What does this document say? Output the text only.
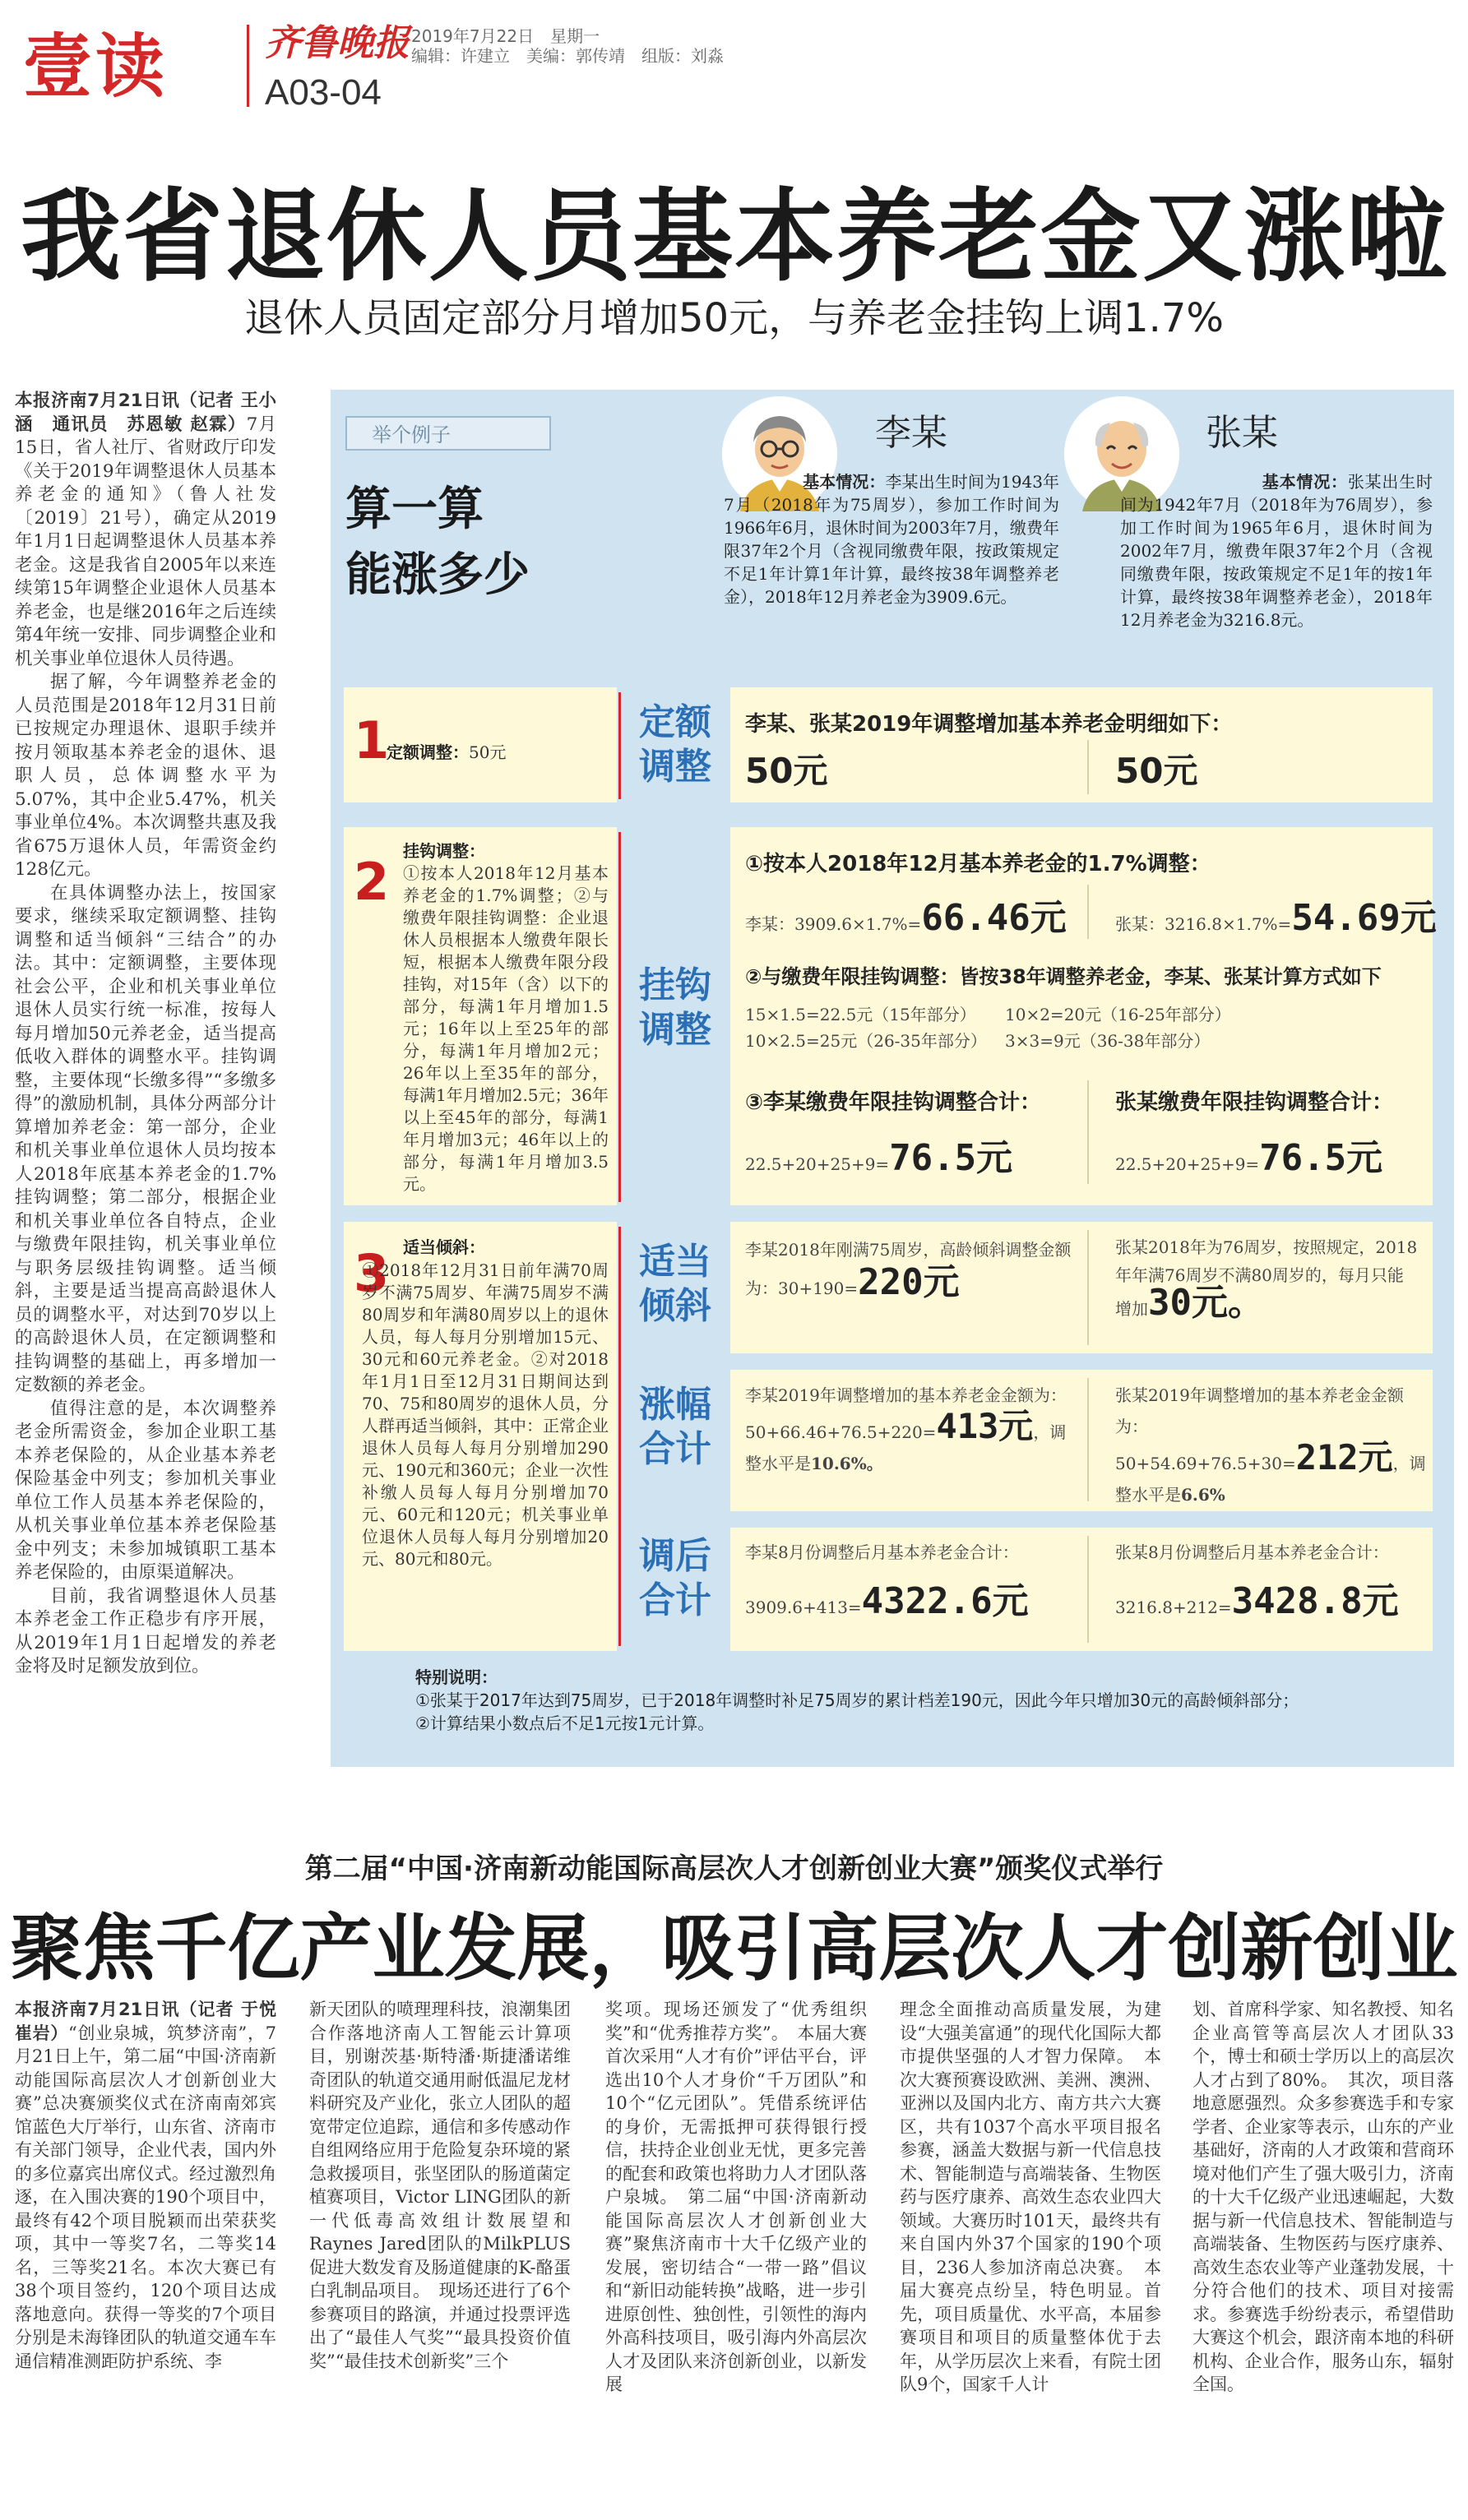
壹读	齐鲁晚报
A03-04
2019年7月22日　星期一
编辑：许建立　美编：郭传靖　组版：刘淼
我省退休人员基本养老金又涨啦
退休人员固定部分月增加50元，与养老金挂钩上调1.7%

本报济南7月21日讯（记者 王小涵　通讯员　苏恩敏 赵霖）7月15日，省人社厅、省财政厅印发《关于2019年调整退休人员基本养老金的通知》（鲁人社发〔2019〕21号），确定从2019年1月1日起调整退休人员基本养老金。这是我省自2005年以来连续第15年调整企业退休人员基本养老金，也是继2016年之后连续第4年统一安排、同步调整企业和机关事业单位退休人员待遇。

据了解，今年调整养老金的人员范围是2018年12月31日前已按规定办理退休、退职手续并按月领取基本养老金的退休、退职人员，总体调整水平为5.07%，其中企业5.47%，机关事业单位4%。本次调整共惠及我省675万退休人员，年需资金约128亿元。

在具体调整办法上，按国家要求，继续采取定额调整、挂钩调整和适当倾斜“三结合”的办法。其中：定额调整，主要体现社会公平，企业和机关事业单位退休人员实行统一标准，按每人每月增加50元养老金，适当提高低收入群体的调整水平。挂钩调整，主要体现“长缴多得”“多缴多得”的激励机制，具体分两部分计算增加养老金：第一部分，企业和机关事业单位退休人员均按本人2018年底基本养老金的1.7%挂钩调整；第二部分，根据企业和机关事业单位各自特点，企业与缴费年限挂钩，机关事业单位与职务层级挂钩调整。适当倾斜，主要是适当提高高龄退休人员的调整水平，对达到70岁以上的高龄退休人员，在定额调整和挂钩调整的基础上，再多增加一定数额的养老金。

值得注意的是，本次调整养老金所需资金，参加企业职工基本养老保险的，从企业基本养老保险基金中列支；参加机关事业单位工作人员基本养老保险的，从机关事业单位基本养老保险基金中列支；未参加城镇职工基本养老保险的，由原渠道解决。

目前，我省调整退休人员基本养老金工作正稳步有序开展，从2019年1月1日起增发的养老金将及时足额发放到位。

举个例子
算一算
能涨多少
李某
基本情况：李某出生时间为1943年7月（2018年为75周岁），参加工作时间为1966年6月，退休时间为2003年7月，缴费年限37年2个月（含视同缴费年限，按政策规定不足1年计算1年计算，最终按38年调整养老金），2018年12月养老金为3909.6元。
张某
基本情况：张某出生时间为1942年7月（2018年为76周岁），参加工作时间为1965年6月，退休时间为2002年7月，缴费年限37年2个月（含视同缴费年限，按政策规定不足1年的按1年计算，最终按38年调整养老金），2018年12月养老金为3216.8元。
1
定额调整：50元
定额
调整
李某、张某2019年调整增加基本养老金明细如下：
50元	50元
2
挂钩调整：
①按本人2018年12月基本养老金的1.7%调整；②与缴费年限挂钩调整：企业退休人员根据本人缴费年限长短，根据本人缴费年限分段挂钩，对15年（含）以下的部分，每满1年月增加1.5元；16年以上至25年的部分，每满1年月增加2元；26年以上至35年的部分，每满1年月增加2.5元；36年以上至45年的部分，每满1年月增加3元；46年以上的部分，每满1年月增加3.5元。
挂钩
调整
①按本人2018年12月基本养老金的1.7%调整：
李某：3909.6×1.7%=66.46元	张某：3216.8×1.7%=54.69元
②与缴费年限挂钩调整：皆按38年调整养老金，李某、张某计算方式如下
15×1.5=22.5元（15年部分） 10×2=20元（16-25年部分）
10×2.5=25元（26-35年部分） 3×3=9元（36-38年部分）
③李某缴费年限挂钩调整合计：
22.5+20+25+9=76.5元
张某缴费年限挂钩调整合计：
22.5+20+25+9=76.5元
3 适当倾斜：
①2018年12月31日前年满70周岁不满75周岁、年满75周岁不满80周岁和年满80周岁以上的退休人员，每人每月分别增加15元、30元和60元养老金。②对2018年1月1日至12月31日期间达到70、75和80周岁的退休人员，分人群再适当倾斜，其中：正常企业退休人员每人每月分别增加290元、190元和360元；企业一次性补缴人员每人每月分别增加70元、60元和120元；机关事业单位退休人员每人每月分别增加20元、80元和80元。
适当
倾斜
李某2018年刚满75周岁，高龄倾斜调整金额为：30+190=220元
张某2018年为76周岁，按照规定，2018年年满76周岁不满80周岁的，每月只能增加30元。
涨幅
合计
李某2019年调整增加的基本养老金金额为：
50+66.46+76.5+220=413元，调整水平是10.6%。
张某2019年调整增加的基本养老金金额为：
50+54.69+76.5+30=212元，调整水平是6.6%
调后
合计
李某8月份调整后月基本养老金合计：
3909.6+413=4322.6元
张某8月份调整后月基本养老金合计：
3216.8+212=3428.8元
特别说明：
①张某于2017年达到75周岁，已于2018年调整时补足75周岁的累计档差190元，因此今年只增加30元的高龄倾斜部分；
②计算结果小数点后不足1元按1元计算。
第二届“中国·济南新动能国际高层次人才创新创业大赛”颁奖仪式举行
聚焦千亿产业发展，吸引高层次人才创新创业

本报济南7月21日讯（记者 于悦　崔岩）“创业泉城，筑梦济南”，7月21日上午，第二届“中国·济南新动能国际高层次人才创新创业大赛”总决赛颁奖仪式在济南南郊宾馆蓝色大厅举行，山东省、济南市有关部门领导，企业代表，国内外的多位嘉宾出席仪式。经过激烈角逐，在入围决赛的190个项目中，最终有42个项目脱颖而出荣获奖项，其中一等奖7名，二等奖14名，三等奖21名。本次大赛已有38个项目签约，120个项目达成落地意向。获得一等奖的7个项目分别是未海锋团队的轨道交通车车通信精准测距防护系统、李

新天团队的喷理理科技，浪潮集团合作落地济南人工智能云计算项目，别谢茨基·斯特潘·斯捷潘诺维奇团队的轨道交通用耐低温尼龙材料研究及产业化，张立人团队的超宽带定位追踪，通信和多传感动作自组网络应用于危险复杂环境的紧急救援项目，张坚团队的肠道菌定植赛项目，Victor LING团队的新一代低毒高效组计数展望和Raynes Jared团队的MilkPLUS促进大数发育及肠道健康的K-酪蛋白乳制品项目。　现场还进行了6个参赛项目的路演，并通过投票评选出了“最佳人气奖”“最具投资价值奖”“最佳技术创新奖”三个

奖项。现场还颁发了“优秀组织奖”和“优秀推荐方奖”。　本届大赛首次采用“人才有价”评估平台，评选出10个人才身价“千万团队”和10个“亿元团队”。凭借系统评估的身价，无需抵押可获得银行授信，扶持企业创业无忧，更多完善的配套和政策也将助力人才团队落户泉城。　第二届“中国·济南新动能国际高层次人才创新创业大赛”聚焦济南市十大千亿级产业的发展，密切结合“一带一路”倡议和“新旧动能转换”战略，进一步引进原创性、独创性，引领性的海内外高科技项目，吸引海内外高层次人才及团队来济创新创业，以新发展

理念全面推动高质量发展，为建设“大强美富通”的现代化国际大都市提供坚强的人才智力保障。　本次大赛预赛设欧洲、美洲、澳洲、亚洲以及国内北方、南方共六大赛区，共有1037个高水平项目报名参赛，涵盖大数据与新一代信息技术、智能制造与高端装备、生物医药与医疗康养、高效生态农业四大领域。大赛历时101天，最终共有来自国内外37个国家的190个项目，236人参加济南总决赛。　本届大赛亮点纷呈，特色明显。首先，项目质量优、水平高，本届参赛项目和项目的质量整体优于去年，从学历层次上来看，有院士团队9个，国家千人计

划、首席科学家、知名教授、知名企业高管等高层次人才团队33个，博士和硕士学历以上的高层次人才占到了80%。　其次，项目落地意愿强烈。众多参赛选手和专家学者、企业家等表示，山东的产业基础好，济南的人才政策和营商环境对他们产生了强大吸引力，济南的十大千亿级产业迅速崛起，大数据与新一代信息技术、智能制造与高端装备、生物医药与医疗康养、高效生态农业等产业蓬勃发展，十分符合他们的技术、项目对接需求。参赛选手纷纷表示，希望借助大赛这个机会，跟济南本地的科研机构、企业合作，服务山东，辐射全国。
